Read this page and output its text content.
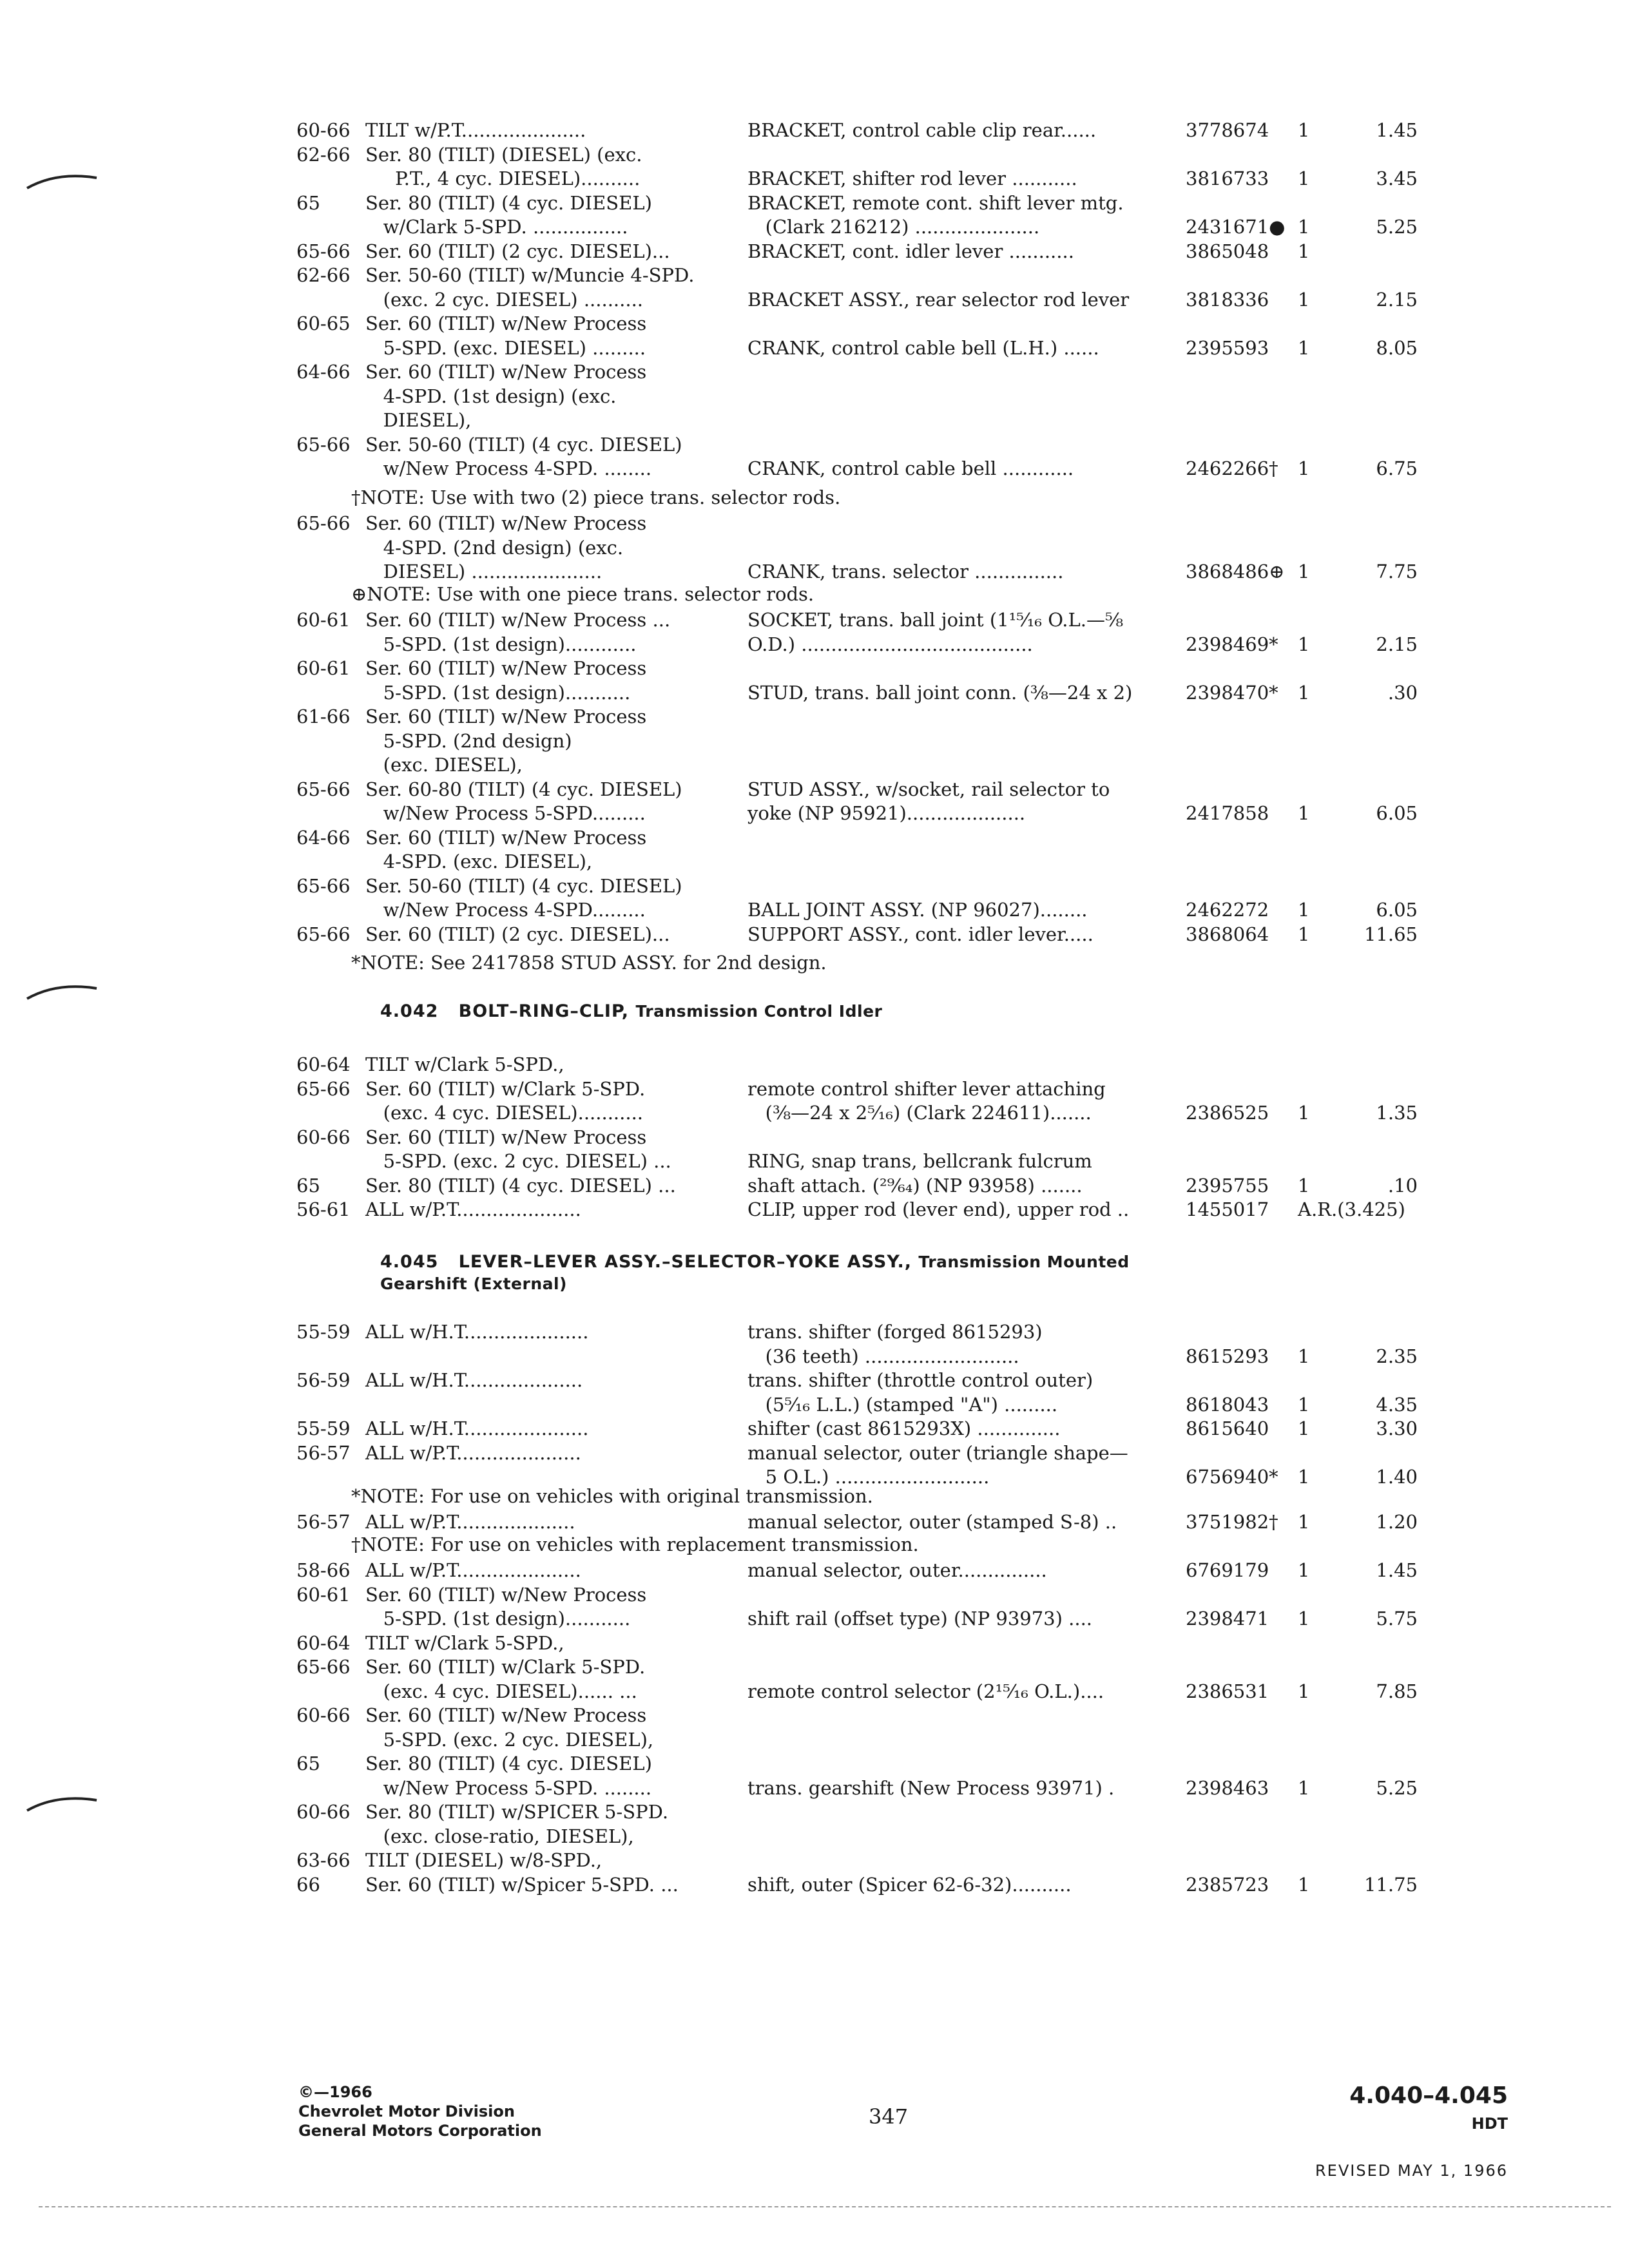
4.042 BOLT–RING–CLIP, Transmission Control Idler
4.045 LEVER–LEVER ASSY.–SELECTOR–YOKE ASSY., Transmission Mounted
Gearshift (External)
©—1966
Chevrolet Motor Division
General Motors Corporation
347
4.040–4.045
HDT
REVISED MAY 1, 1966
60-66 TILT w/P.T.....................	BRACKET, control cable clip rear......	3778674 1	1.45
62-66 Ser. 80 (TILT) (DIESEL) (exc.
P.T., 4 cyc. DIESEL)..........	BRACKET, shifter rod lever ...........	3816733 1	3.45
65 Ser. 80 (TILT) (4 cyc. DIESEL)	BRACKET, remote cont. shift lever mtg.
w/Clark 5-SPD. ................	(Clark 216212) .....................	2431671● 1	5.25
65-66 Ser. 60 (TILT) (2 cyc. DIESEL)...	BRACKET, cont. idler lever ...........	3865048 1
62-66 Ser. 50-60 (TILT) w/Muncie 4-SPD.
(exc. 2 cyc. DIESEL) ..........	BRACKET ASSY., rear selector rod lever	3818336 1	2.15
60-65 Ser. 60 (TILT) w/New Process
5-SPD. (exc. DIESEL) .........	CRANK, control cable bell (L.H.) ......	2395593 1	8.05
64-66 Ser. 60 (TILT) w/New Process
4-SPD. (1st design) (exc.
DIESEL),
65-66 Ser. 50-60 (TILT) (4 cyc. DIESEL)
w/New Process 4-SPD. ........	CRANK, control cable bell ............	2462266† 1	6.75
†NOTE: Use with two (2) piece trans. selector rods.
65-66 Ser. 60 (TILT) w/New Process
4-SPD. (2nd design) (exc.
DIESEL) ......................	CRANK, trans. selector ...............	3868486⊕ 1	7.75
⊕NOTE: Use with one piece trans. selector rods.
60-61 Ser. 60 (TILT) w/New Process ...	SOCKET, trans. ball joint (1¹⁵⁄₁₆ O.L.—⅝
5-SPD. (1st design)............	O.D.) .......................................	2398469* 1	2.15
60-61 Ser. 60 (TILT) w/New Process
5-SPD. (1st design)...........	STUD, trans. ball joint conn. (⅜—24 x 2)	2398470* 1	.30
61-66 Ser. 60 (TILT) w/New Process
5-SPD. (2nd design)
(exc. DIESEL),
65-66 Ser. 60-80 (TILT) (4 cyc. DIESEL)	STUD ASSY., w/socket, rail selector to
w/New Process 5-SPD.........	yoke (NP 95921)....................	2417858 1	6.05
64-66 Ser. 60 (TILT) w/New Process
4-SPD. (exc. DIESEL),
65-66 Ser. 50-60 (TILT) (4 cyc. DIESEL)
w/New Process 4-SPD.........	BALL JOINT ASSY. (NP 96027)........	2462272 1	6.05
65-66 Ser. 60 (TILT) (2 cyc. DIESEL)...	SUPPORT ASSY., cont. idler lever.....	3868064 1	11.65
*NOTE: See 2417858 STUD ASSY. for 2nd design.
60-64 TILT w/Clark 5-SPD.,
65-66 Ser. 60 (TILT) w/Clark 5-SPD.	remote control shifter lever attaching
(exc. 4 cyc. DIESEL)...........	(⅜—24 x 2⁵⁄₁₆) (Clark 224611).......	2386525 1	1.35
60-66 Ser. 60 (TILT) w/New Process
5-SPD. (exc. 2 cyc. DIESEL) ...	RING, snap trans, bellcrank fulcrum
65 Ser. 80 (TILT) (4 cyc. DIESEL) ...	shaft attach. (²⁹⁄₆₄) (NP 93958) .......	2395755 1	.10
56-61 ALL w/P.T.....................	CLIP, upper rod (lever end), upper rod ..	1455017 A.R.(3.425)
55-59 ALL w/H.T.....................	trans. shifter (forged 8615293)
(36 teeth) ..........................	8615293 1	2.35
56-59 ALL w/H.T....................	trans. shifter (throttle control outer)
(5⁵⁄₁₆ L.L.) (stamped "A") .........	8618043 1	4.35
55-59 ALL w/H.T.....................	shifter (cast 8615293X) ..............	8615640 1	3.30
56-57 ALL w/P.T.....................	manual selector, outer (triangle shape—
5 O.L.) ..........................	6756940* 1	1.40
*NOTE: For use on vehicles with original transmission.
56-57 ALL w/P.T....................	manual selector, outer (stamped S-8) ..	3751982† 1	1.20
†NOTE: For use on vehicles with replacement transmission.
58-66 ALL w/P.T.....................	manual selector, outer...............	6769179 1	1.45
60-61 Ser. 60 (TILT) w/New Process
5-SPD. (1st design)...........	shift rail (offset type) (NP 93973) ....	2398471 1	5.75
60-64 TILT w/Clark 5-SPD.,
65-66 Ser. 60 (TILT) w/Clark 5-SPD.
(exc. 4 cyc. DIESEL)...... ...	remote control selector (2¹⁵⁄₁₆ O.L.)....	2386531 1	7.85
60-66 Ser. 60 (TILT) w/New Process
5-SPD. (exc. 2 cyc. DIESEL),
65 Ser. 80 (TILT) (4 cyc. DIESEL)
w/New Process 5-SPD. ........	trans. gearshift (New Process 93971) .	2398463 1	5.25
60-66 Ser. 80 (TILT) w/SPICER 5-SPD.
(exc. close-ratio, DIESEL),
63-66 TILT (DIESEL) w/8-SPD.,
66 Ser. 60 (TILT) w/Spicer 5-SPD. ...	shift, outer (Spicer 62-6-32)..........	2385723 1	11.75
